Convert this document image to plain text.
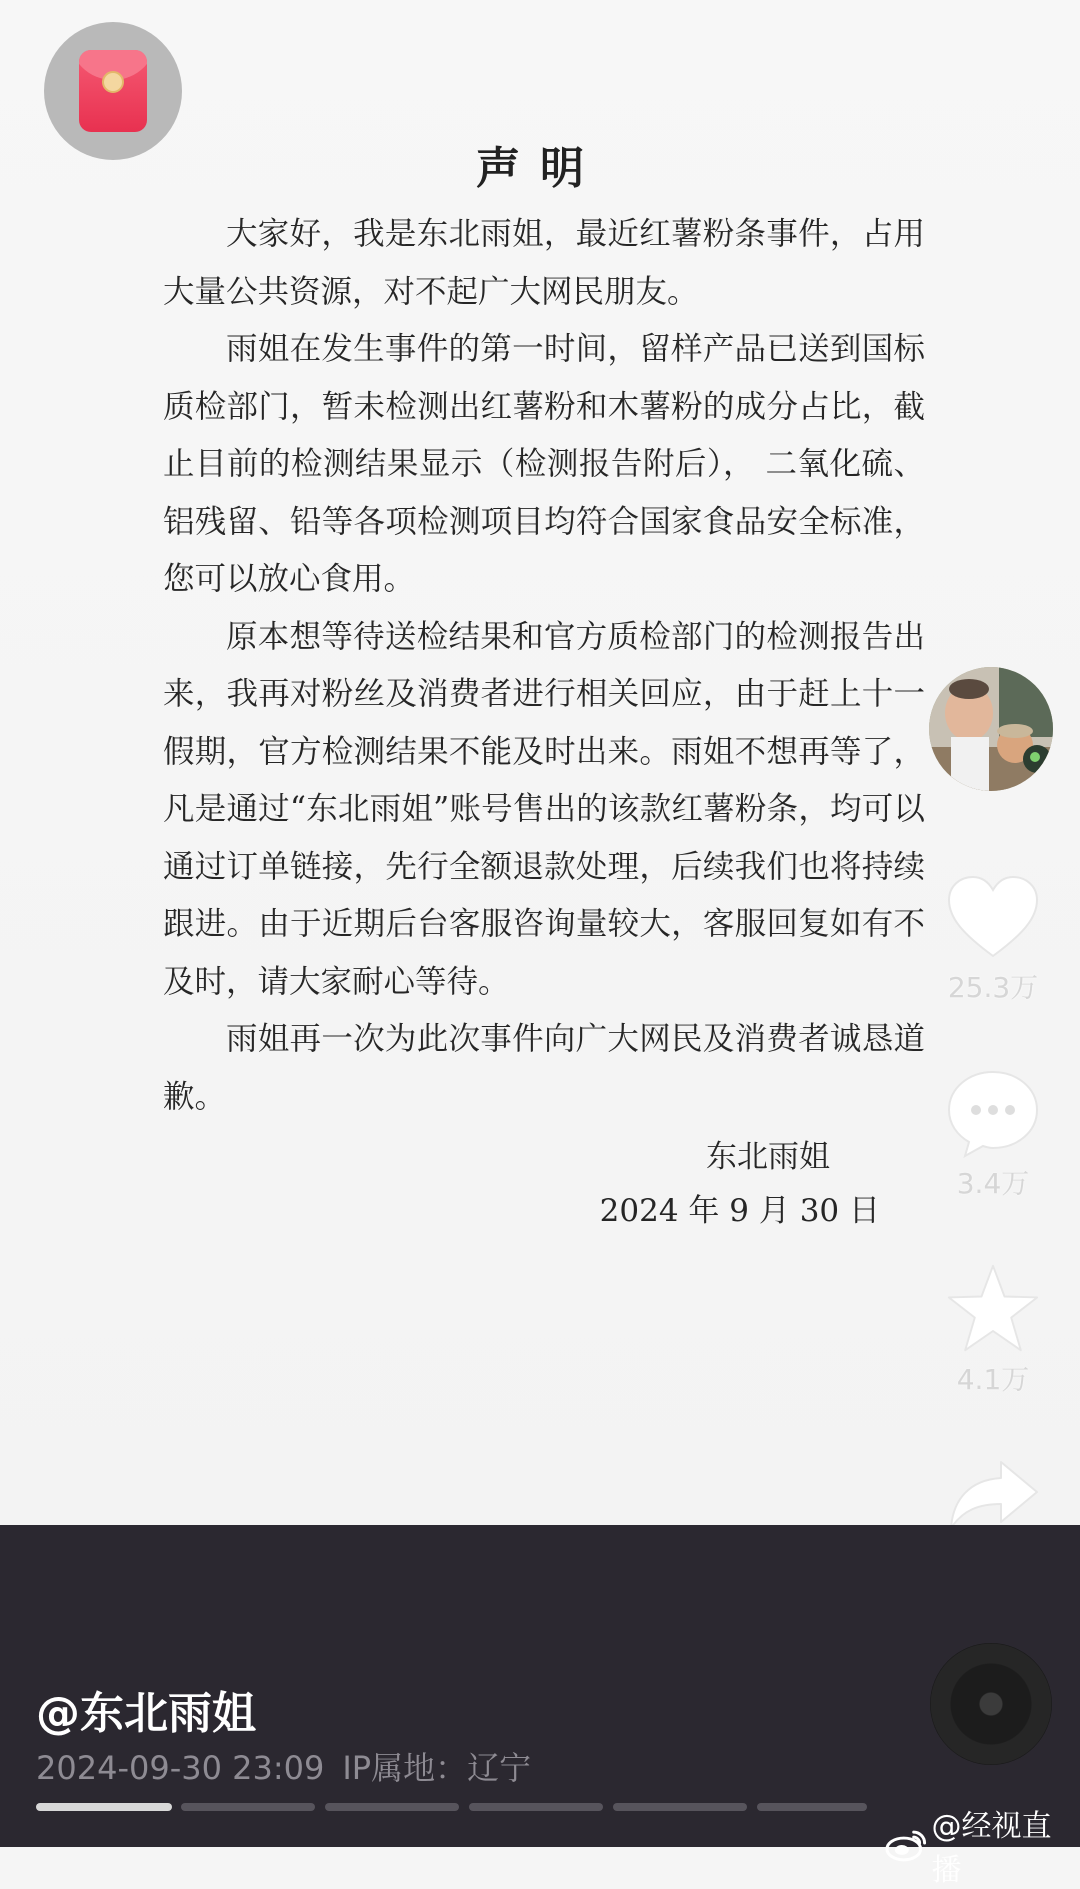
声明

大家好，我是东北雨姐，最近红薯粉条事件，占用大量公共资源，对不起广大网民朋友。

雨姐在发生事件的第一时间，留样产品已送到国标质检部门，暂未检测出红薯粉和木薯粉的成分占比，截止目前的检测结果显示（检测报告附后）， 二氧化硫、铝残留、铅等各项检测项目均符合国家食品安全标准，您可以放心食用。

原本想等待送检结果和官方质检部门的检测报告出来，我再对粉丝及消费者进行相关回应，由于赶上十一假期，官方检测结果不能及时出来。雨姐不想再等了，凡是通过“东北雨姐”账号售出的该款红薯粉条，均可以通过订单链接，先行全额退款处理，后续我们也将持续跟进。由于近期后台客服咨询量较大，客服回复如有不及时，请大家耐心等待。

雨姐再一次为此次事件向广大网民及消费者诚恳道歉。

东北雨姐
2024 年 9 月 30 日
25.3万
3.4万
4.1万
@东北雨姐
2024-09-30 23:09 IP属地：辽宁
@经视直播
